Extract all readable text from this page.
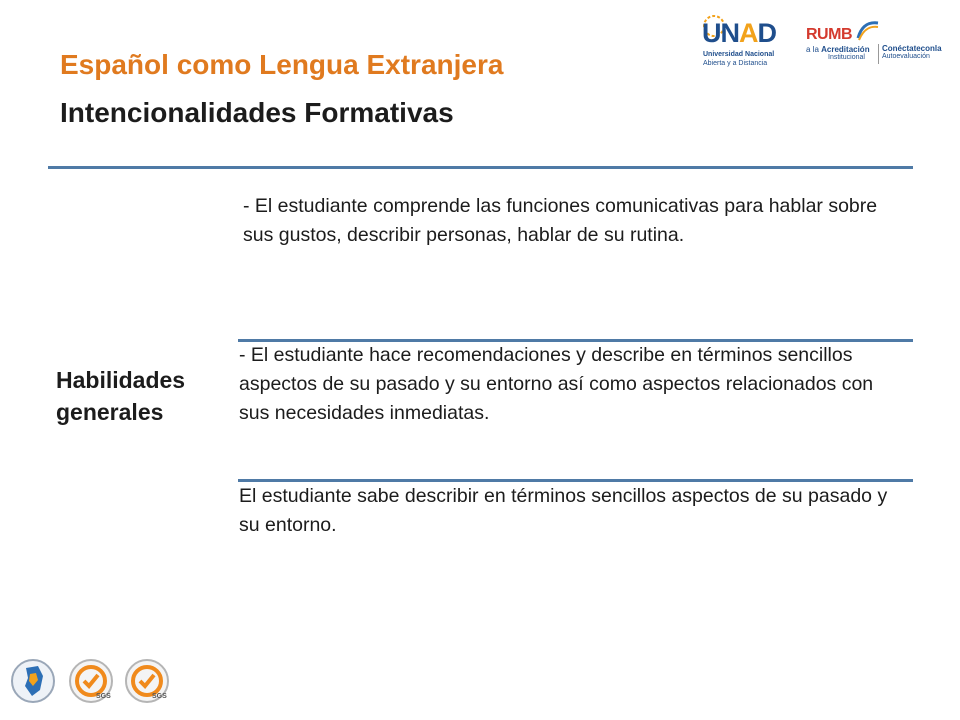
Español como Lengua Extranjera
Intencionalidades Formativas
UNAD
Universidad Nacional
Abierta y a Distancia
RUMB
a la Acreditación
Institucional
Conéctateconla
Autoevaluación
Habilidades generales
- El estudiante comprende las funciones comunicativas para hablar sobre sus gustos, describir personas, hablar de su rutina.
- El estudiante hace recomendaciones y describe en términos sencillos aspectos de su pasado y su entorno así como aspectos relacionados con sus necesidades inmediatas.
El estudiante sabe describir en términos sencillos aspectos de su pasado y su entorno.
SGS	SGS
